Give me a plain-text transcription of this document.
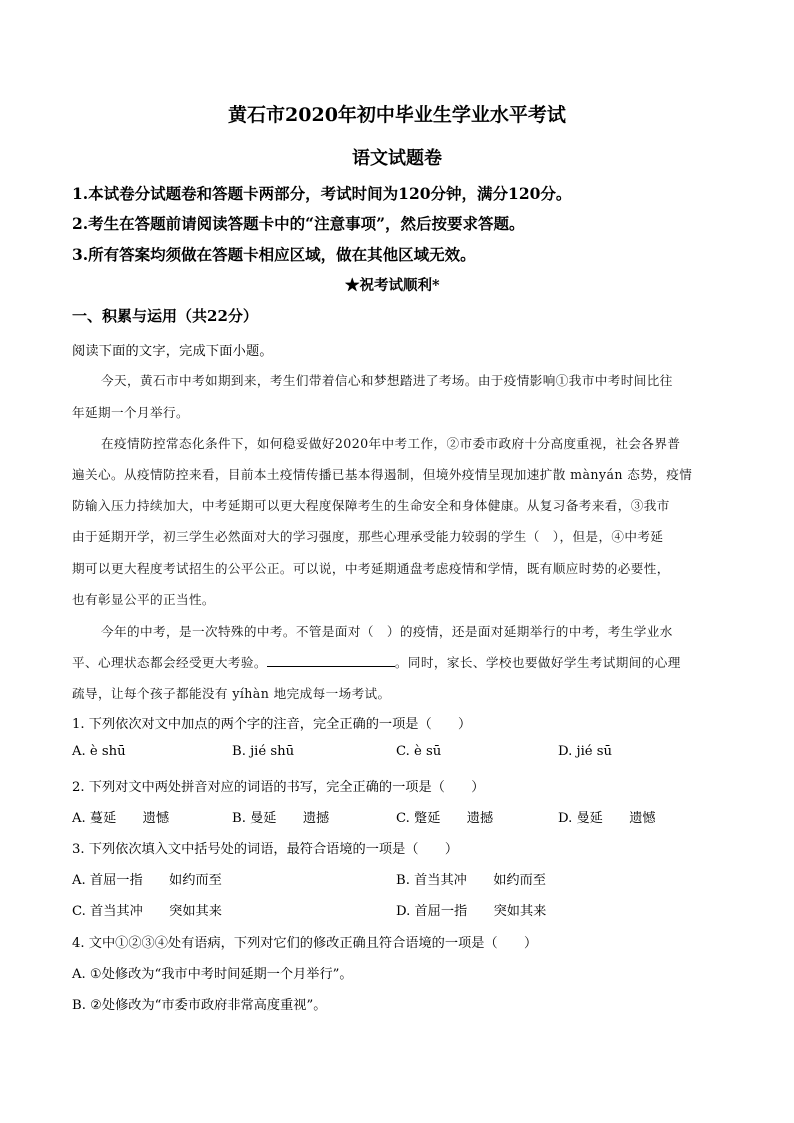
黄石市2020年初中毕业生学业水平考试
语文试题卷
1.本试卷分试题卷和答题卡两部分，考试时间为120分钟，满分120分。
2.考生在答题前请阅读答题卡中的“注意事项”，然后按要求答题。
3.所有答案均须做在答题卡相应区域，做在其他区域无效。
★祝考试顺利*
一、积累与运用（共22分）
阅读下面的文字，完成下面小题。
今天，黄石市中考如期到来，考生们带着信心和梦想踏进了考场。由于疫情影响①我市中考时间比往
年延期一个月举行。
在疫情防控常态化条件下，如何稳妥做好2020年中考工作，②市委市政府十分高度重视，社会各界普
遍关心。从疫情防控来看，目前本土疫情传播已基本得遏制，但境外疫情呈现加速扩散 mànyán 态势，疫情
防输入压力持续加大，中考延期可以更大程度保障考生的生命安全和身体健康。从复习备考来看，③我市
由于延期开学，初三学生必然面对大的学习强度，那些心理承受能力较弱的学生（　），但是，④中考延
期可以更大程度考试招生的公平公正。可以说，中考延期通盘考虑疫情和学情，既有顺应时势的必要性，
也有彰显公平的正当性。
今年的中考，是一次特殊的中考。不管是面对（　）的疫情，还是面对延期举行的中考，考生学业水
平、心理状态都会经受更大考验。	。同时，家长、学校也要做好学生考试期间的心理
疏导，让每个孩子都能没有 yíhàn 地完成每一场考试。
1. 下列依次对文中加点的两个字的注音，完全正确的一项是（　　）
A. è shū	B. jié shū	C. è sū	D. jié sū
2. 下列对文中两处拼音对应的词语的书写，完全正确的一项是（　　）
A. 蔓延　　遗憾	B. 曼延　　遗撼	C. 蹩延　　遗撼	D. 曼延　　遗憾
3. 下列依次填入文中括号处的词语，最符合语境的一项是（　　）
A. 首屈一指　　如约而至	B. 首当其冲　　如约而至
C. 首当其冲　　突如其来	D. 首屈一指　　突如其来
4. 文中①②③④处有语病，下列对它们的修改正确且符合语境的一项是（　　）
A. ①处修改为“我市中考时间延期一个月举行”。
B. ②处修改为“市委市政府非常高度重视”。
